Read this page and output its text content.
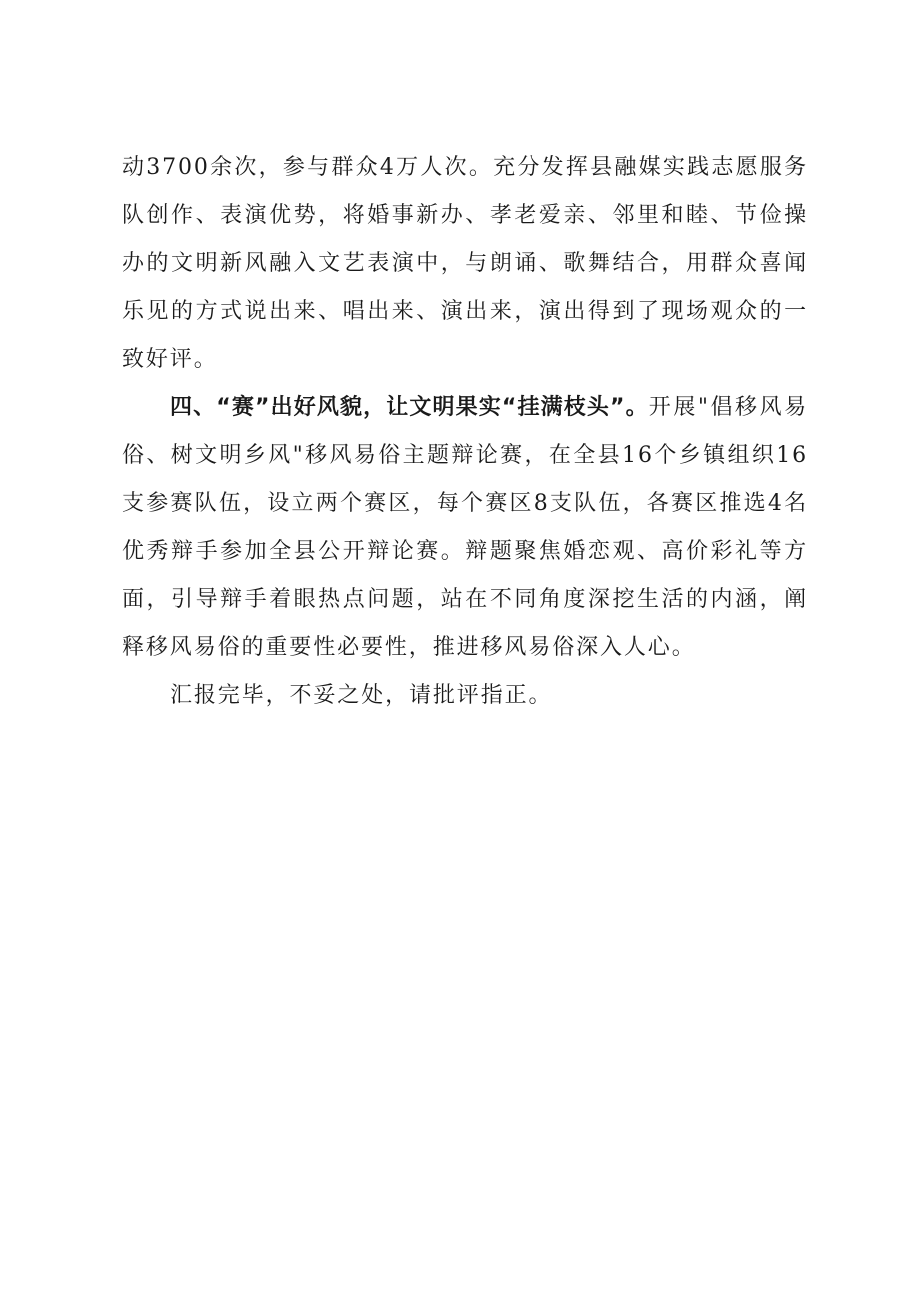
动3700余次，参与群众4万人次。充分发挥县融媒实践志愿服务队创作、表演优势，将婚事新办、孝老爱亲、邻里和睦、节俭操办的文明新风融入文艺表演中，与朗诵、歌舞结合，用群众喜闻乐见的方式说出来、唱出来、演出来，演出得到了现场观众的一致好评。

四、“赛”出好风貌，让文明果实“挂满枝头”。开展"倡移风易俗、树文明乡风"移风易俗主题辩论赛，在全县16个乡镇组织16支参赛队伍，设立两个赛区，每个赛区8支队伍，各赛区推选4名优秀辩手参加全县公开辩论赛。辩题聚焦婚恋观、高价彩礼等方面，引导辩手着眼热点问题，站在不同角度深挖生活的内涵，阐释移风易俗的重要性必要性，推进移风易俗深入人心。

汇报完毕，不妥之处，请批评指正。
